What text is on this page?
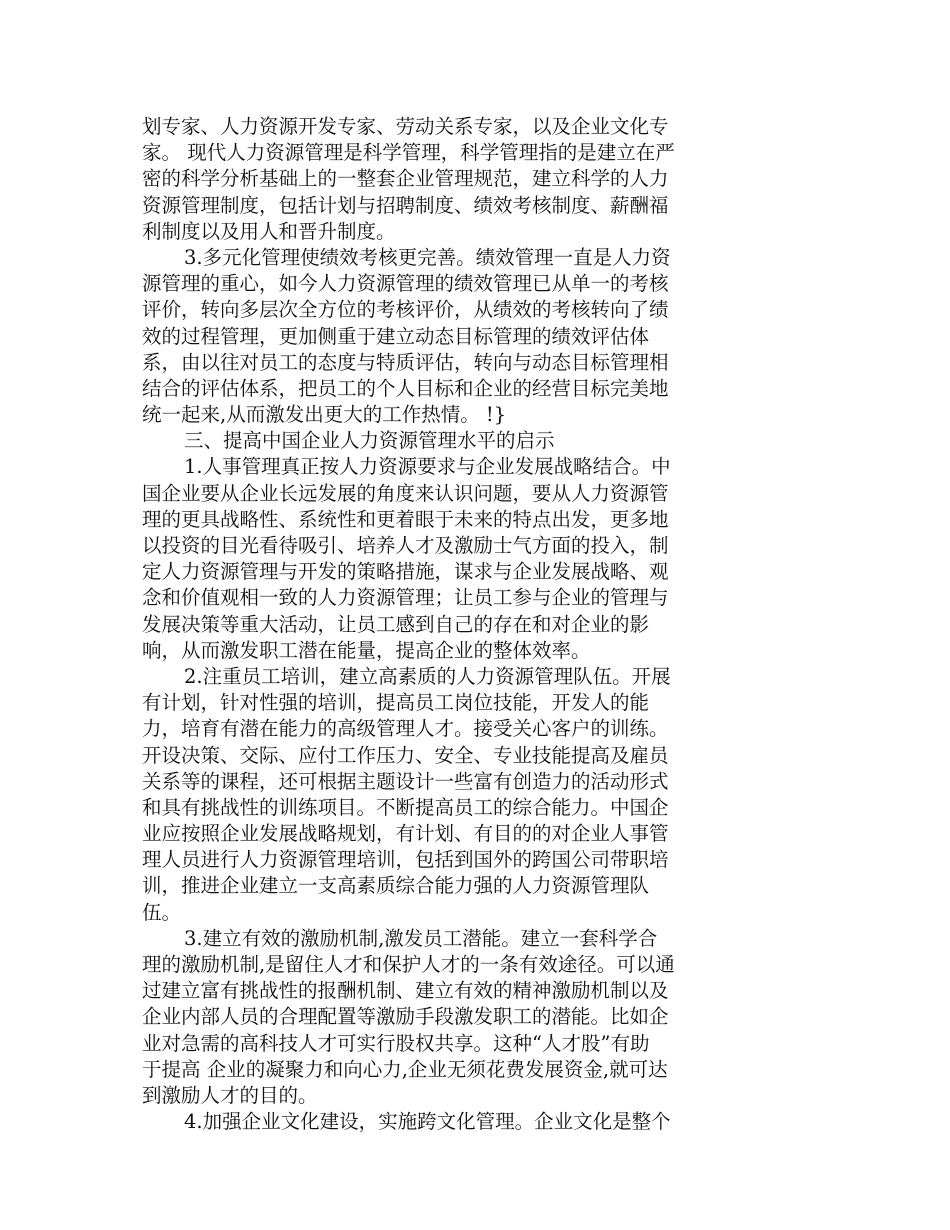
划专家、人力资源开发专家、劳动关系专家，以及企业文化专
家。 现代人力资源管理是科学管理，科学管理指的是建立在严
密的科学分析基础上的一整套企业管理规范，建立科学的人力
资源管理制度，包括计划与招聘制度、绩效考核制度、薪酬福
利制度以及用人和晋升制度。
3.多元化管理使绩效考核更完善。绩效管理一直是人力资
源管理的重心，如今人力资源管理的绩效管理已从单一的考核
评价，转向多层次全方位的考核评价，从绩效的考核转向了绩
效的过程管理，更加侧重于建立动态目标管理的绩效评估体
系，由以往对员工的态度与特质评估，转向与动态目标管理相
结合的评估体系，把员工的个人目标和企业的经营目标完美地
统一起来,从而激发出更大的工作热情。 !}
三、提高中国企业人力资源管理水平的启示
1.人事管理真正按人力资源要求与企业发展战略结合。中
国企业要从企业长远发展的角度来认识问题，要从人力资源管
理的更具战略性、系统性和更着眼于未来的特点出发，更多地
以投资的目光看待吸引、培养人才及激励士气方面的投入，制
定人力资源管理与开发的策略措施，谋求与企业发展战略、观
念和价值观相一致的人力资源管理；让员工参与企业的管理与
发展决策等重大活动，让员工感到自己的存在和对企业的影
响，从而激发职工潜在能量，提高企业的整体效率。
2.注重员工培训，建立高素质的人力资源管理队伍。开展
有计划，针对性强的培训，提高员工岗位技能，开发人的能
力，培育有潜在能力的高级管理人才。接受关心客户的训练。
开设决策、交际、应付工作压力、安全、专业技能提高及雇员
关系等的课程，还可根据主题设计一些富有创造力的活动形式
和具有挑战性的训练项目。不断提高员工的综合能力。中国企
业应按照企业发展战略规划，有计划、有目的的对企业人事管
理人员进行人力资源管理培训，包括到国外的跨国公司带职培
训，推进企业建立一支高素质综合能力强的人力资源管理队
伍。
3.建立有效的激励机制,激发员工潜能。建立一套科学合
理的激励机制,是留住人才和保护人才的一条有效途径。可以通
过建立富有挑战性的报酬机制、建立有效的精神激励机制以及
企业内部人员的合理配置等激励手段激发职工的潜能。比如企
业对急需的高科技人才可实行股权共享。这种“人才股”有助
于提高 企业的凝聚力和向心力,企业无须花费发展资金,就可达
到激励人才的目的。
4.加强企业文化建设，实施跨文化管理。企业文化是整个
